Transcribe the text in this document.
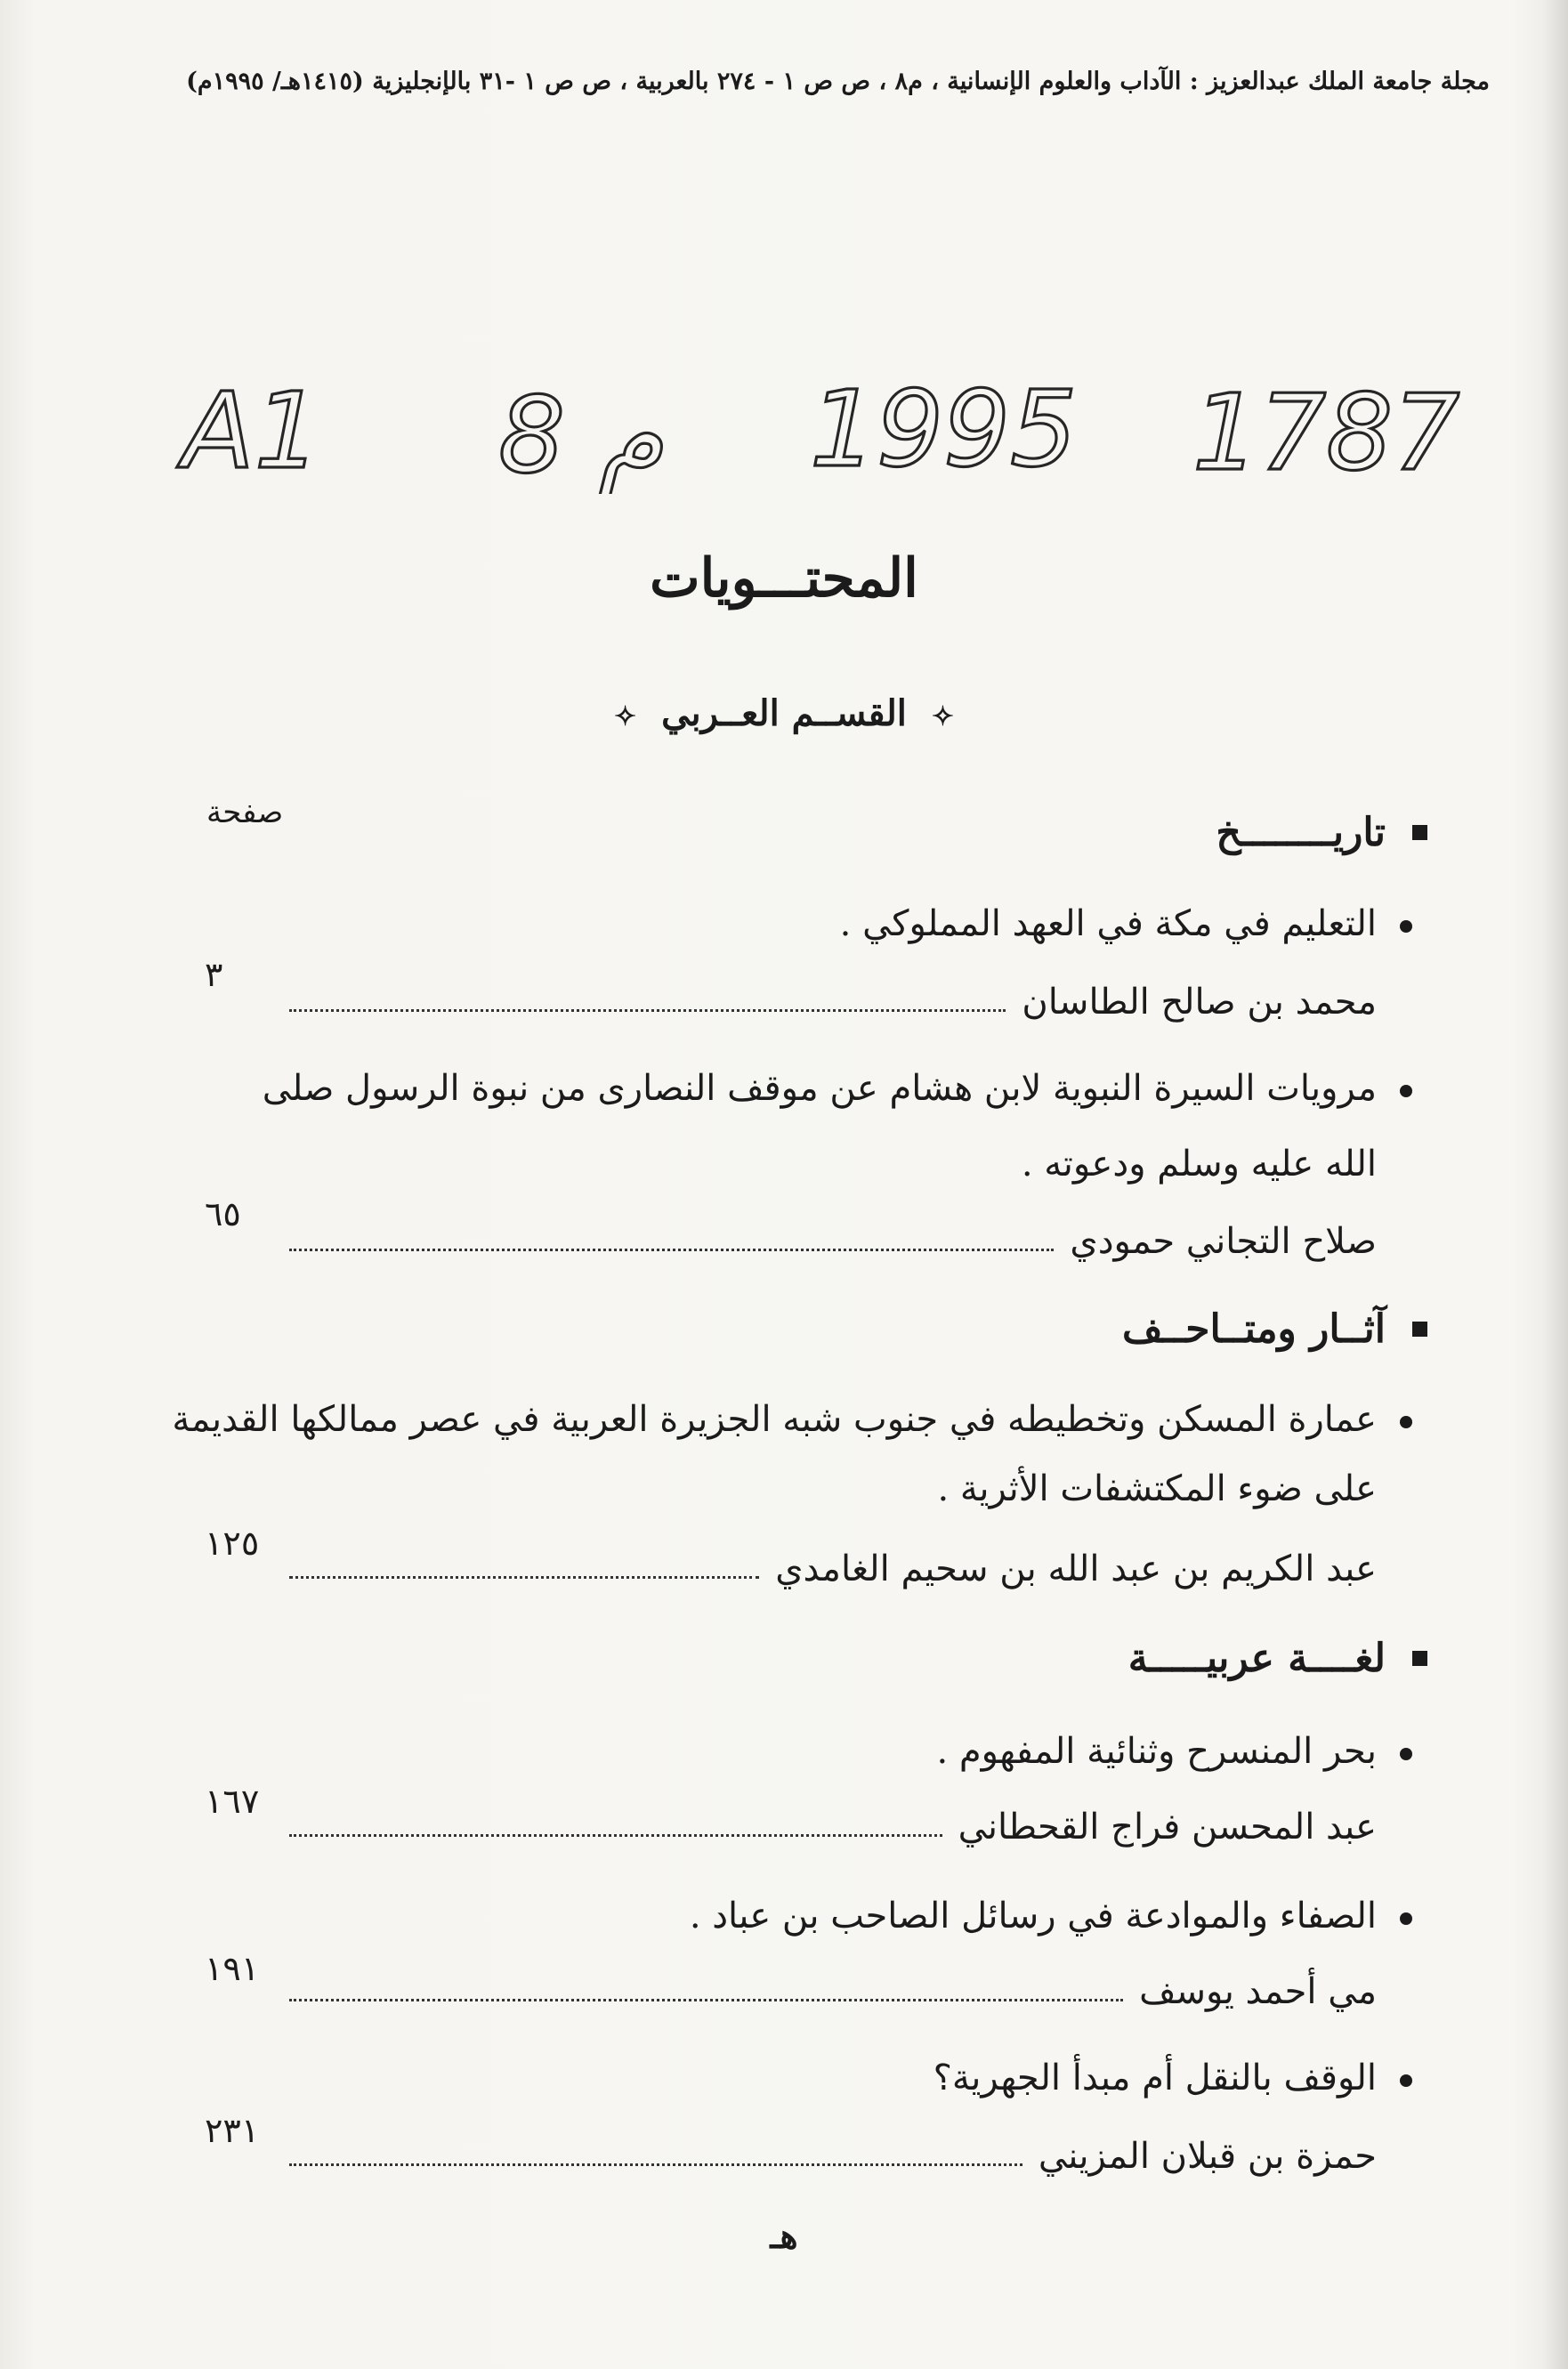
مجلة جامعة الملك عبدالعزيز : الآداب والعلوم الإنسانية ، م٨ ، ص ص ١ - ٢٧٤ بالعربية ، ص ص ١ -٣١ بالإنجليزية (١٤١٥هـ/ ١٩٩٥م)
A1 8 م 1995 1787
المحتـــويات
✧ القســم العــربي ✧
صفحة	تاريــــــــخ
التعليم في مكة في العهد المملوكي .
محمد بن صالح الطاسان
٣
مرويات السيرة النبوية لابن هشام عن موقف النصارى من نبوة الرسول صلى
الله عليه وسلم ودعوته .
صلاح التجاني حمودي
٦٥
آثــار ومتــاحــف
عمارة المسكن وتخطيطه في جنوب شبه الجزيرة العربية في عصر ممالكها القديمة
على ضوء المكتشفات الأثرية .
عبد الكريم بن عبد الله بن سحيم الغامدي
١٢٥
لغــــة عربيـــــة
بحر المنسرح وثنائية المفهوم .
عبد المحسن فراج القحطاني
١٦٧
الصفاء والموادعة في رسائل الصاحب بن عباد .
مي أحمد يوسف
١٩١
الوقف بالنقل أم مبدأ الجهرية؟
حمزة بن قبلان المزيني
٢٣١
هـ
